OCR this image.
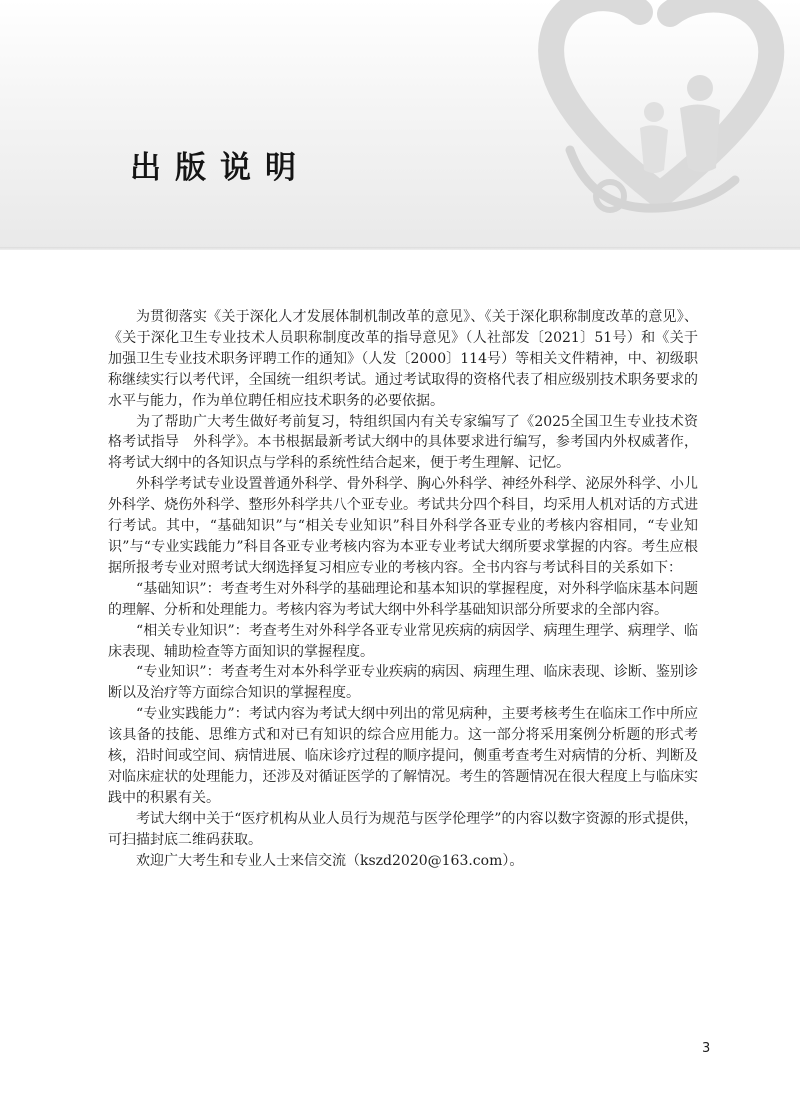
出版说明

为贯彻落实《关于深化人才发展体制机制改革的意见》、《关于深化职称制度改革的意见》、《关于深化卫生专业技术人员职称制度改革的指导意见》（人社部发〔2021〕51号）和《关于加强卫生专业技术职务评聘工作的通知》（人发〔2000〕114号）等相关文件精神，中、初级职称继续实行以考代评，全国统一组织考试。通过考试取得的资格代表了相应级别技术职务要求的水平与能力，作为单位聘任相应技术职务的必要依据。

为了帮助广大考生做好考前复习，特组织国内有关专家编写了《2025全国卫生专业技术资格考试指导　外科学》。本书根据最新考试大纲中的具体要求进行编写，参考国内外权威著作，将考试大纲中的各知识点与学科的系统性结合起来，便于考生理解、记忆。

外科学考试专业设置普通外科学、骨外科学、胸心外科学、神经外科学、泌尿外科学、小儿外科学、烧伤外科学、整形外科学共八个亚专业。考试共分四个科目，均采用人机对话的方式进行考试。其中，“基础知识”与“相关专业知识”科目外科学各亚专业的考核内容相同，“专业知识”与“专业实践能力”科目各亚专业考核内容为本亚专业考试大纲所要求掌握的内容。考生应根据所报考专业对照考试大纲选择复习相应专业的考核内容。全书内容与考试科目的关系如下：

“基础知识”：考查考生对外科学的基础理论和基本知识的掌握程度，对外科学临床基本问题的理解、分析和处理能力。考核内容为考试大纲中外科学基础知识部分所要求的全部内容。

“相关专业知识”：考查考生对外科学各亚专业常见疾病的病因学、病理生理学、病理学、临床表现、辅助检查等方面知识的掌握程度。

“专业知识”：考查考生对本外科学亚专业疾病的病因、病理生理、临床表现、诊断、鉴别诊断以及治疗等方面综合知识的掌握程度。

“专业实践能力”：考试内容为考试大纲中列出的常见病种，主要考核考生在临床工作中所应该具备的技能、思维方式和对已有知识的综合应用能力。这一部分将采用案例分析题的形式考核，沿时间或空间、病情进展、临床诊疗过程的顺序提问，侧重考查考生对病情的分析、判断及对临床症状的处理能力，还涉及对循证医学的了解情况。考生的答题情况在很大程度上与临床实践中的积累有关。

考试大纲中关于“医疗机构从业人员行为规范与医学伦理学”的内容以数字资源的形式提供，可扫描封底二维码获取。

欢迎广大考生和专业人士来信交流（kszd2020@163.com）。

3
